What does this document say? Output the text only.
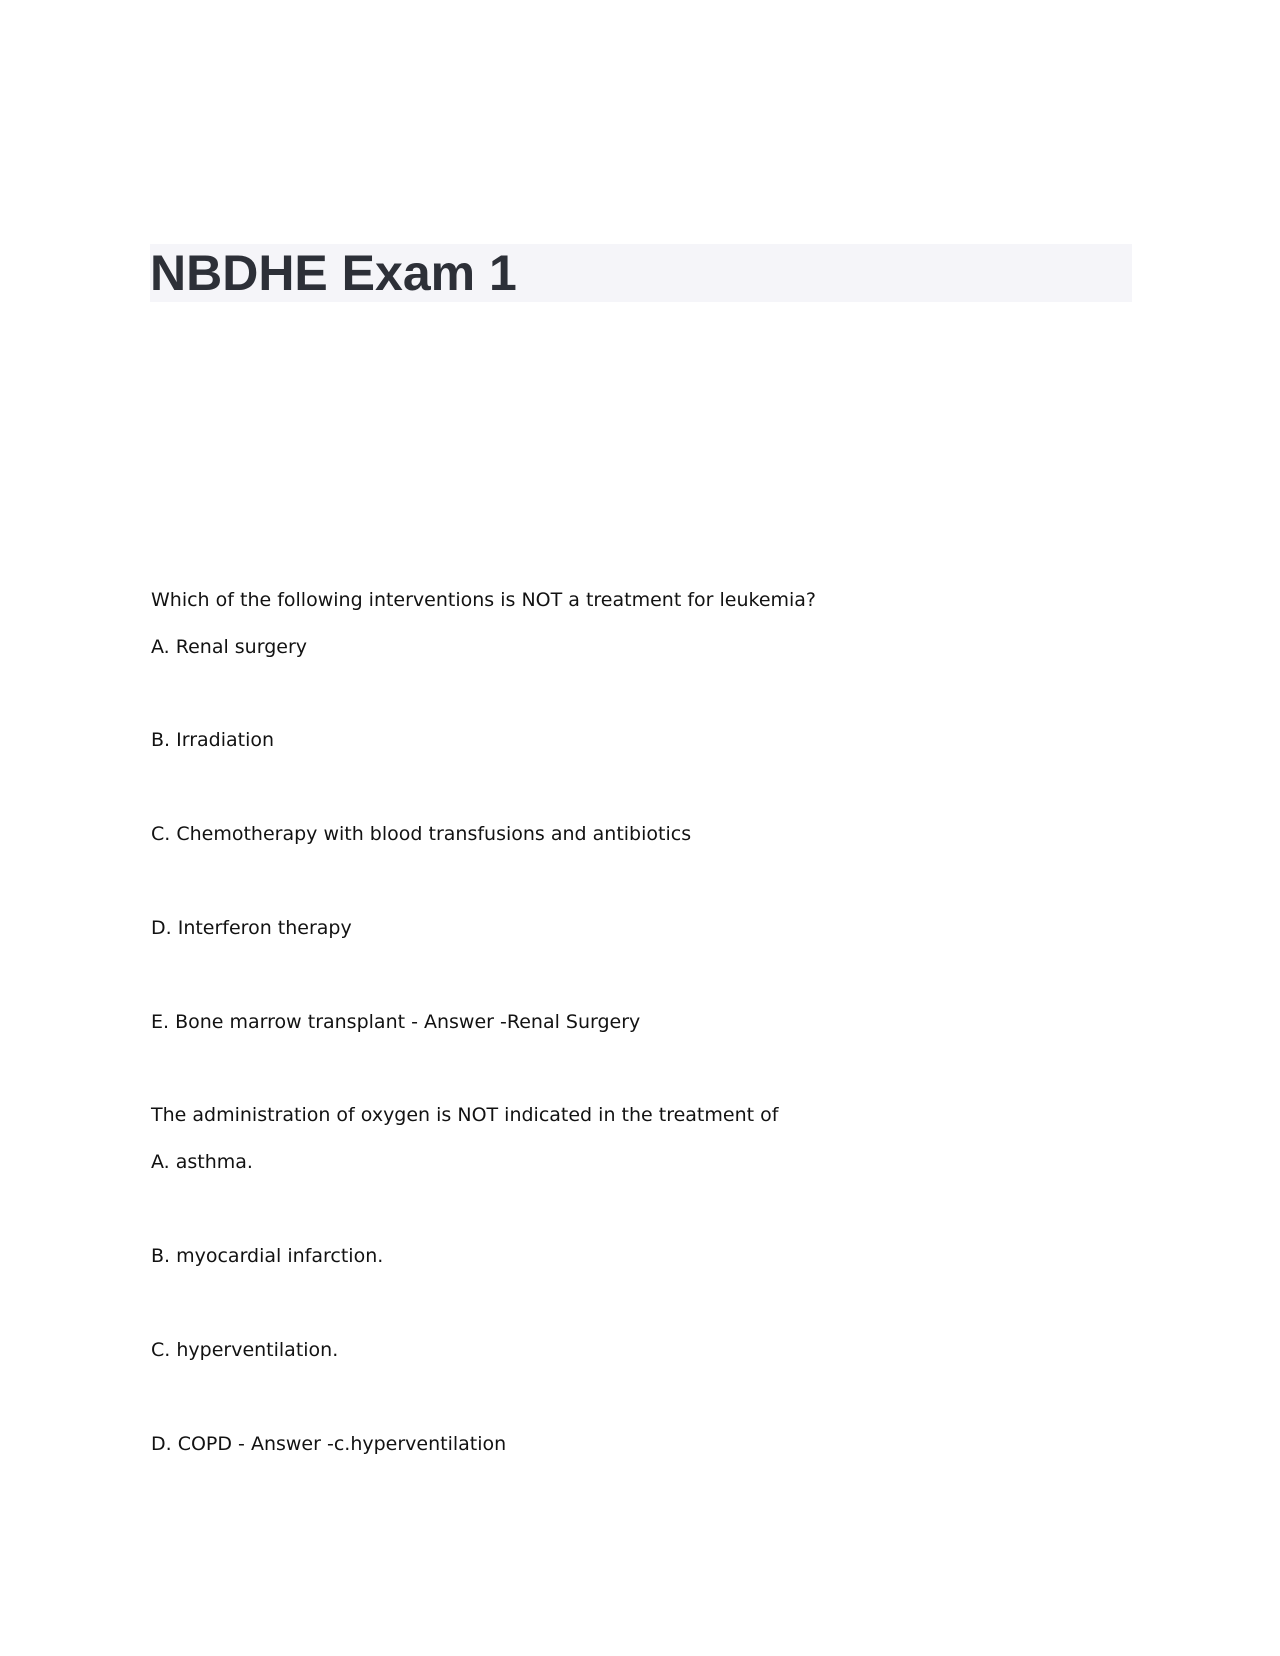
NBDHE Exam 1

Which of the following interventions is NOT a treatment for leukemia?

A. Renal surgery

B. Irradiation

C. Chemotherapy with blood transfusions and antibiotics

D. Interferon therapy

E. Bone marrow transplant - Answer -Renal Surgery

The administration of oxygen is NOT indicated in the treatment of

A. asthma.

B. myocardial infarction.

C. hyperventilation.

D. COPD - Answer -c.hyperventilation
